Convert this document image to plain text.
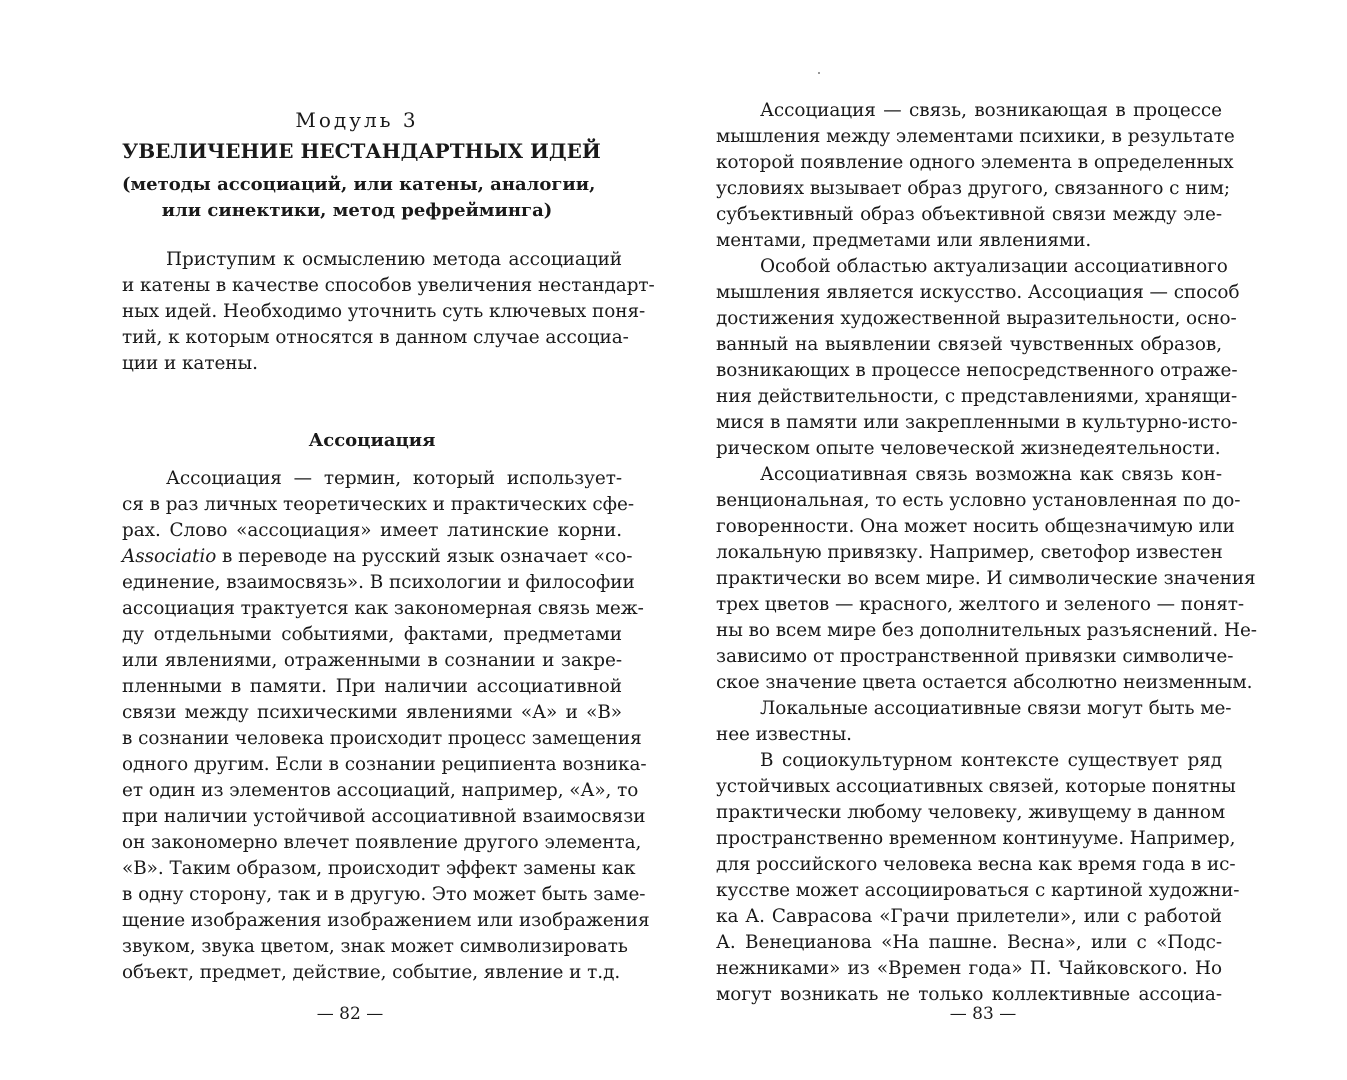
Модуль 3
УВЕЛИЧЕНИЕ НЕСТАНДАРТНЫХ ИДЕЙ
(методы ассоциаций, или катены, аналогии,
или синектики, метод рефрейминга)
Приступим к осмыслению метода ассоциаций
и катены в качестве способов увеличения нестандарт-
ных идей. Необходимо уточнить суть ключевых поня-
тий, к которым относятся в данном случае ассоциа-
ции и катены.
Ассоциация
Ассоциация — термин, который использует-
ся в раз личных теоретических и практических сфе-
рах. Слово «ассоциация» имеет латинские корни.
Associatio в переводе на русский язык означает «со-
единение, взаимосвязь». В психологии и философии
ассоциация трактуется как закономерная связь меж-
ду отдельными событиями, фактами, предметами
или явлениями, отраженными в сознании и закре-
пленными в памяти. При наличии ассоциативной
связи между психическими явлениями «А» и «В»
в сознании человека происходит процесс замещения
одного другим. Если в сознании реципиента возника-
ет один из элементов ассоциаций, например, «А», то
при наличии устойчивой ассоциативной взаимосвязи
он закономерно влечет появление другого элемента,
«В». Таким образом, происходит эффект замены как
в одну сторону, так и в другую. Это может быть заме-
щение изображения изображением или изображения
звуком, звука цветом, знак может символизировать
объект, предмет, действие, событие, явление и т.д.
— 82 —
Ассоциация — связь, возникающая в процессе
мышления между элементами психики, в результате
которой появление одного элемента в определенных
условиях вызывает образ другого, связанного с ним;
субъективный образ объективной связи между эле-
ментами, предметами или явлениями.
Особой областью актуализации ассоциативного
мышления является искусство. Ассоциация — способ
достижения художественной выразительности, осно-
ванный на выявлении связей чувственных образов,
возникающих в процессе непосредственного отраже-
ния действительности, с представлениями, хранящи-
мися в памяти или закрепленными в культурно-исто-
рическом опыте человеческой жизнедеятельности.
Ассоциативная связь возможна как связь кон-
венциональная, то есть условно установленная по до-
говоренности. Она может носить общезначимую или
локальную привязку. Например, светофор известен
практически во всем мире. И символические значения
трех цветов — красного, желтого и зеленого — понят-
ны во всем мире без дополнительных разъяснений. Не-
зависимо от пространственной привязки символиче-
ское значение цвета остается абсолютно неизменным.
Локальные ассоциативные связи могут быть ме-
нее известны.
В социокультурном контексте существует ряд
устойчивых ассоциативных связей, которые понятны
практически любому человеку, живущему в данном
пространственно временном континууме. Например,
для российского человека весна как время года в ис-
кусстве может ассоциироваться с картиной художни-
ка А. Саврасова «Грачи прилетели», или с работой
А. Венецианова «На пашне. Весна», или с «Подс-
нежниками» из «Времен года» П. Чайковского. Но
могут возникать не только коллективные ассоциа-
— 83 —
